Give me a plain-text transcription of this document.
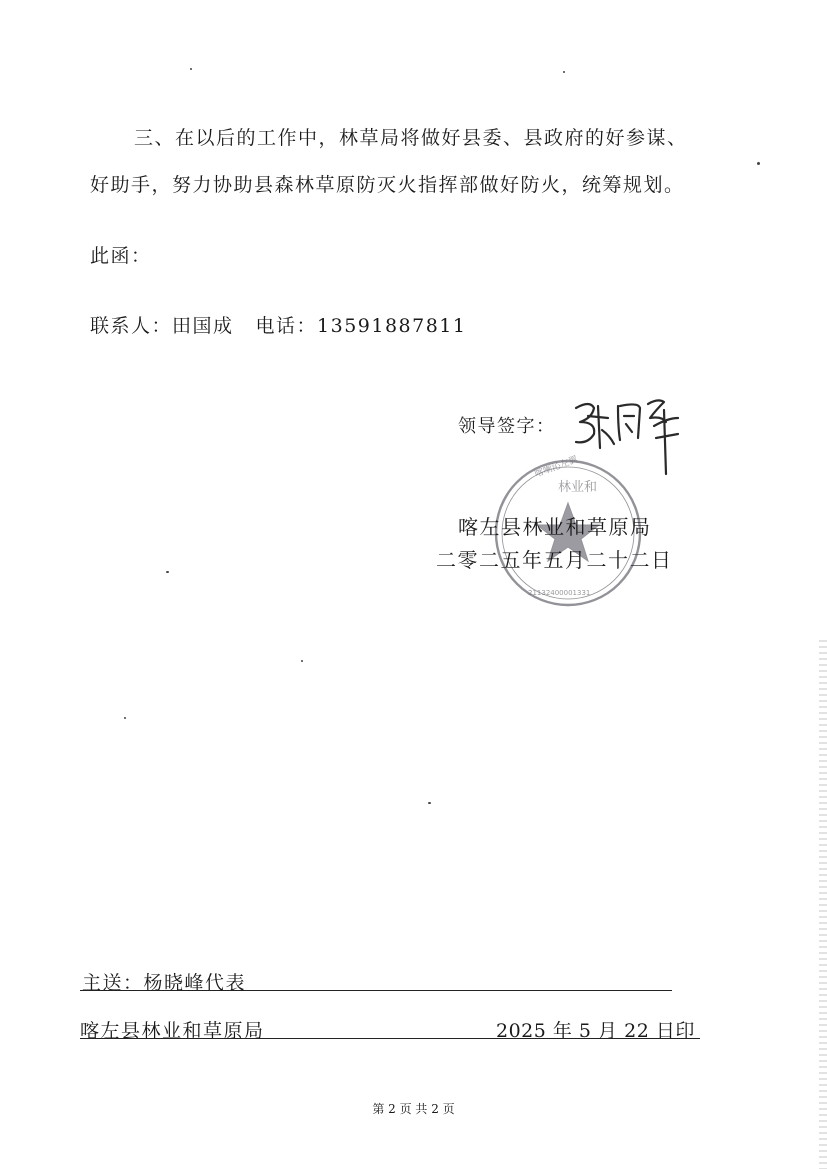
三、在以后的工作中，林草局将做好县委、县政府的好参谋、
好助手，努力协助县森林草原防灭火指挥部做好防火，统筹规划。
此函：
联系人：田国成 电话：13591887811
领导签字：
喀喇沁左翼
林业和
21132400001331
喀左县林业和草原局
二零二五年五月二十二日
主送：杨晓峰代表
喀左县林业和草原局	2025 年 5 月 22 日印
第 2 页 共 2 页
